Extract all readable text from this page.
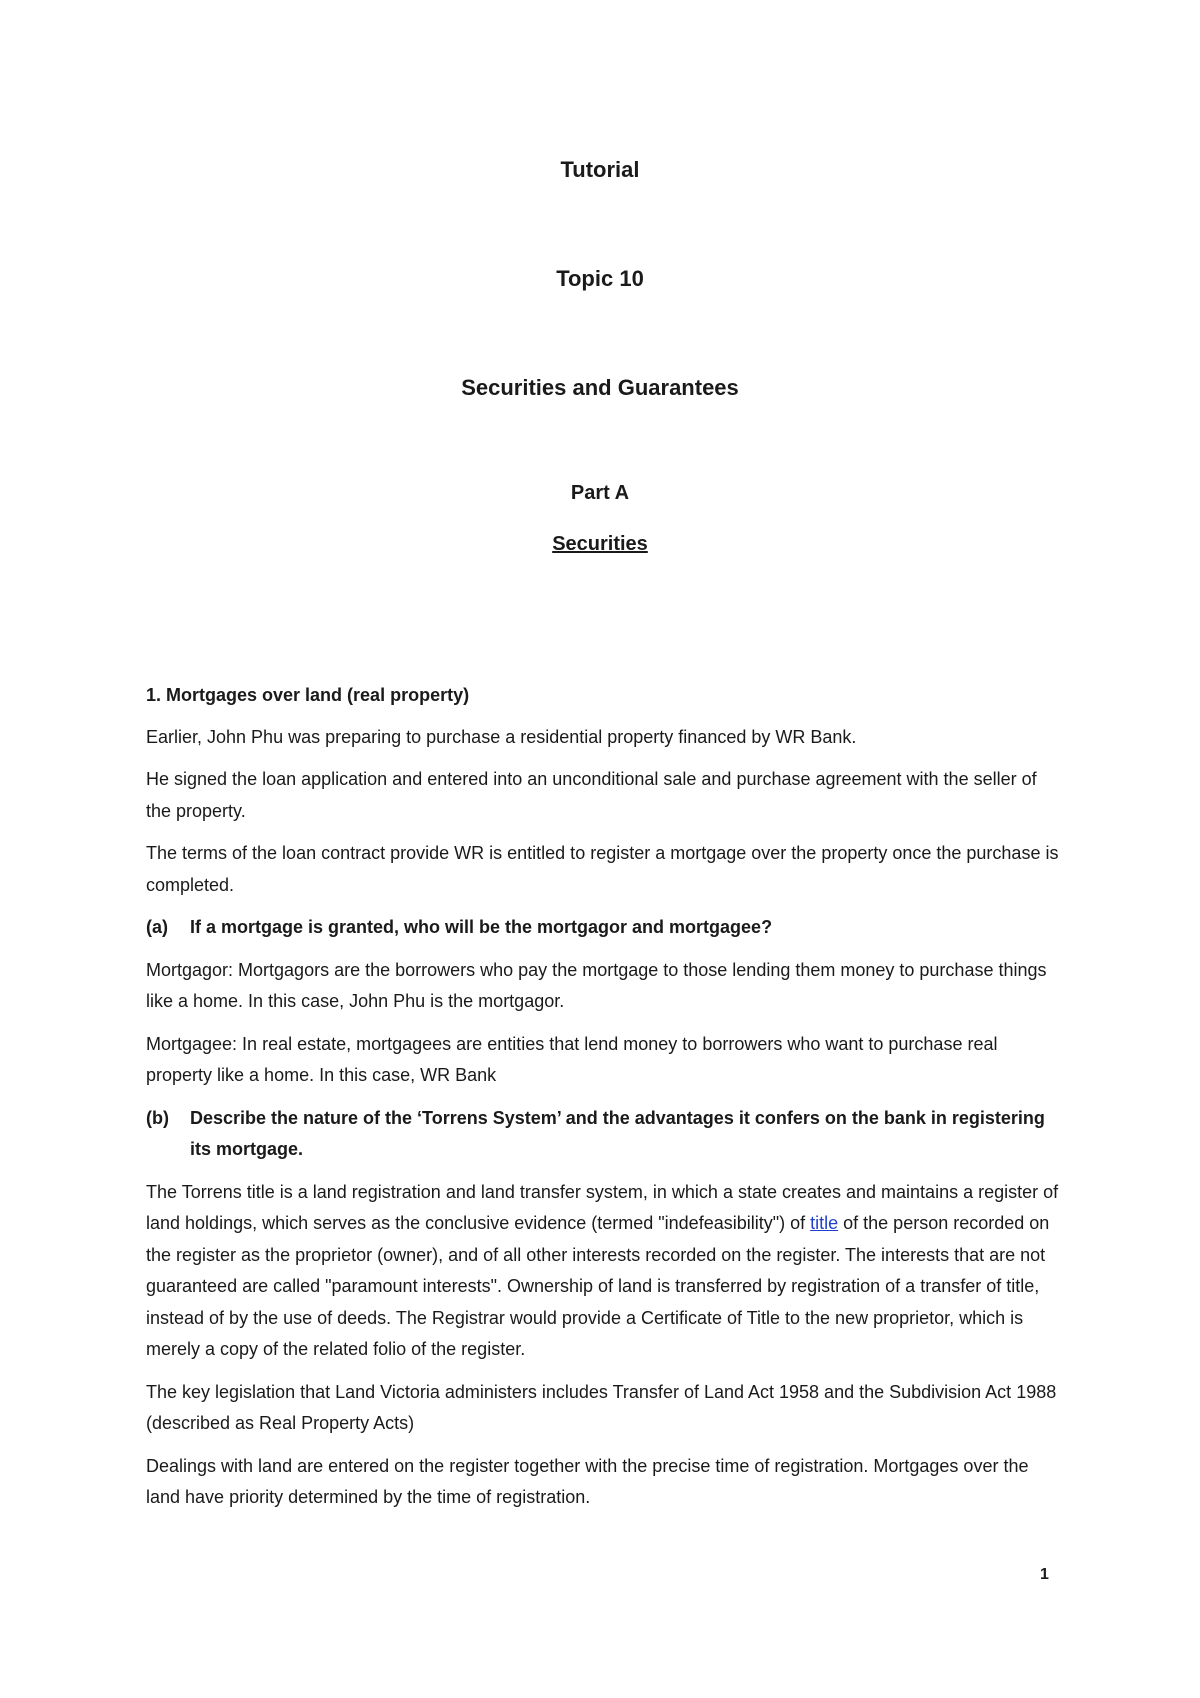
Tutorial
Topic 10
Securities and Guarantees
Part A
Securities

1. Mortgages over land (real property)

Earlier, John Phu was preparing to purchase a residential property financed by WR Bank.

He signed the loan application and entered into an unconditional sale and purchase agreement with the seller of the property.

The terms of the loan contract provide WR is entitled to register a mortgage over the property once the purchase is completed.

(a)	If a mortgage is granted, who will be the mortgagor and mortgagee?

Mortgagor: Mortgagors are the borrowers who pay the mortgage to those lending them money to purchase things like a home. In this case, John Phu is the mortgagor.

Mortgagee: In real estate, mortgagees are entities that lend money to borrowers who want to purchase real property like a home. In this case, WR Bank

(b)	Describe the nature of the ‘Torrens System’ and the advantages it confers on the bank in registering its mortgage.

The Torrens title is a land registration and land transfer system, in which a state creates and maintains a register of land holdings, which serves as the conclusive evidence (termed "indefeasibility") of title of the person recorded on the register as the proprietor (owner), and of all other interests recorded on the register. The interests that are not guaranteed are called "paramount interests". Ownership of land is transferred by registration of a transfer of title, instead of by the use of deeds. The Registrar would provide a Certificate of Title to the new proprietor, which is merely a copy of the related folio of the register.

The key legislation that Land Victoria administers includes Transfer of Land Act 1958 and the Subdivision Act 1988 (described as Real Property Acts)

Dealings with land are entered on the register together with the precise time of registration. Mortgages over the land have priority determined by the time of registration.

1
